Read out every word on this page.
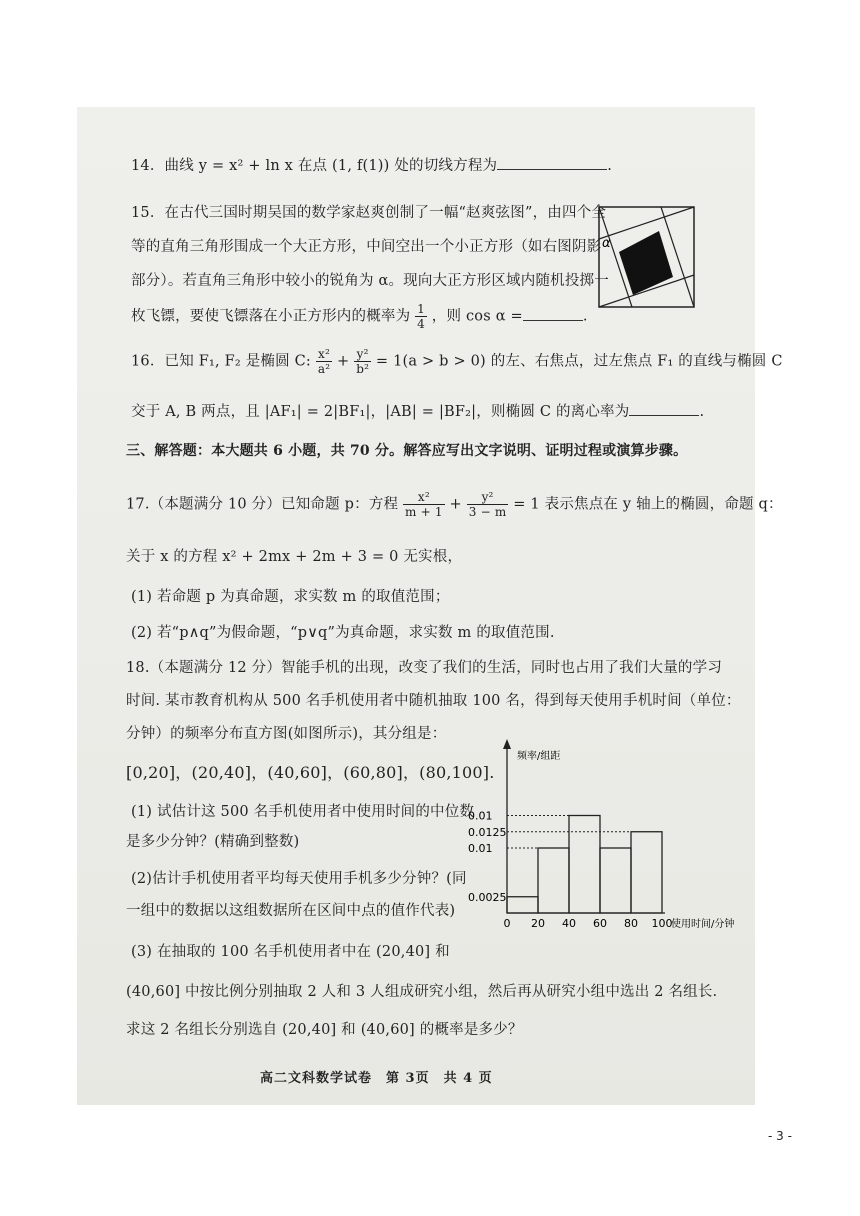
14．曲线 y = x² + ln x 在点 (1, f(1)) 处的切线方程为	.
15．在古代三国时期吴国的数学家赵爽创制了一幅“赵爽弦图”，由四个全
等的直角三角形围成一个大正方形，中间空出一个小正方形（如右图阴影
部分）。若直角三角形中较小的锐角为 α。现向大正方形区域内随机投掷一
枚飞镖，要使飞镖落在小正方形内的概率为 $\frac{1}{4}$ ，则 cos α =	.
α
16．已知 F₁, F₂ 是椭圆 C: $\frac{\text{x²}}{\text{a²}} + \frac{\text{y²}}{\text{b²}} = 1(a > b > 0)$ 的左、右焦点，过左焦点 F₁ 的直线与椭圆 C
交于 A, B 两点，且 |AF₁| = 2|BF₁|，|AB| = |BF₂|，则椭圆 C 的离心率为	.
三、解答题：本大题共 6 小题，共 70 分。解答应写出文字说明、证明过程或演算步骤。
17.（本题满分 10 分）已知命题 p：方程 $\frac{\text{x²}}{m + 1} + \frac{\text{y²}}{3 - m} = 1$ 表示焦点在 y 轴上的椭圆，命题 q：
关于 x 的方程 x² + 2mx + 2m + 3 = 0 无实根，
(1) 若命题 p 为真命题，求实数 m 的取值范围；
(2) 若“p∧q”为假命题，“p∨q”为真命题，求实数 m 的取值范围.
18.（本题满分 12 分）智能手机的出现，改变了我们的生活，同时也占用了我们大量的学习
时间. 某市教育机构从 500 名手机使用者中随机抽取 100 名，得到每天使用手机时间（单位：
分钟）的频率分布直方图(如图所示)，其分组是：
[0,20]，(20,40]，(40,60]，(60,80]，(80,100].
(1) 试估计这 500 名手机使用者中使用时间的中位数
是多少分钟？(精确到整数)
(2)估计手机使用者平均每天使用手机多少分钟？(同
一组中的数据以这组数据所在区间中点的值作代表)
(3) 在抽取的 100 名手机使用者中在 (20,40] 和
(40,60] 中按比例分别抽取 2 人和 3 人组成研究小组，然后再从研究小组中选出 2 名组长.
求这 2 名组长分别选自 (20,40] 和 (40,60] 的概率是多少？
频率/组距
使用时间/分钟
0.01
0.0125
0.01
0.0025
0 20 40 60 80 100
高二文科数学试卷　第 3页　共 4 页
- 3 -
